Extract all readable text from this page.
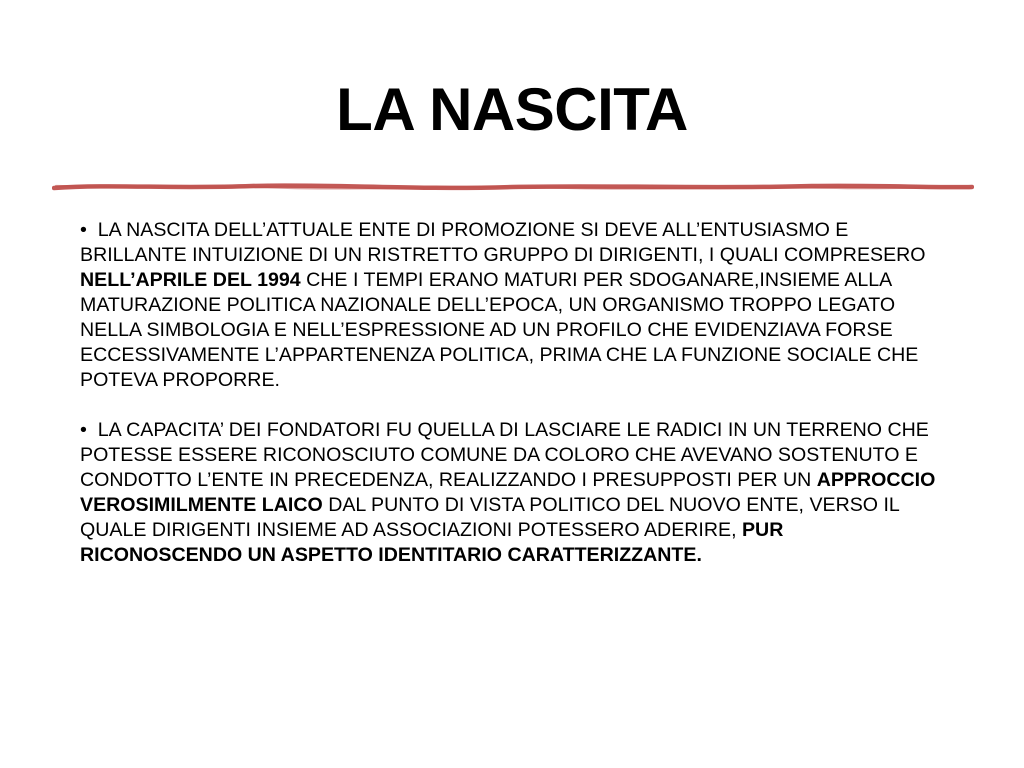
LA NASCITA

• LA NASCITA DELL’ATTUALE ENTE DI PROMOZIONE SI DEVE ALL’ENTUSIASMO E BRILLANTE INTUIZIONE DI UN RISTRETTO GRUPPO DI DIRIGENTI, I QUALI COMPRESERO NELL’APRILE DEL 1994 CHE I TEMPI ERANO MATURI PER SDOGANARE,INSIEME ALLA MATURAZIONE POLITICA NAZIONALE DELL’EPOCA, UN ORGANISMO TROPPO LEGATO NELLA SIMBOLOGIA E NELL’ESPRESSIONE AD UN PROFILO CHE EVIDENZIAVA FORSE ECCESSIVAMENTE L’APPARTENENZA POLITICA, PRIMA CHE LA FUNZIONE SOCIALE CHE POTEVA PROPORRE.

• LA CAPACITA’ DEI FONDATORI FU QUELLA DI LASCIARE LE RADICI IN UN TERRENO CHE POTESSE ESSERE RICONOSCIUTO COMUNE DA COLORO CHE AVEVANO SOSTENUTO E CONDOTTO L’ENTE IN PRECEDENZA, REALIZZANDO I PRESUPPOSTI PER UN APPROCCIO VEROSIMILMENTE LAICO DAL PUNTO DI VISTA POLITICO DEL NUOVO ENTE, VERSO IL QUALE DIRIGENTI INSIEME AD ASSOCIAZIONI POTESSERO ADERIRE, PUR RICONOSCENDO UN ASPETTO IDENTITARIO CARATTERIZZANTE.
